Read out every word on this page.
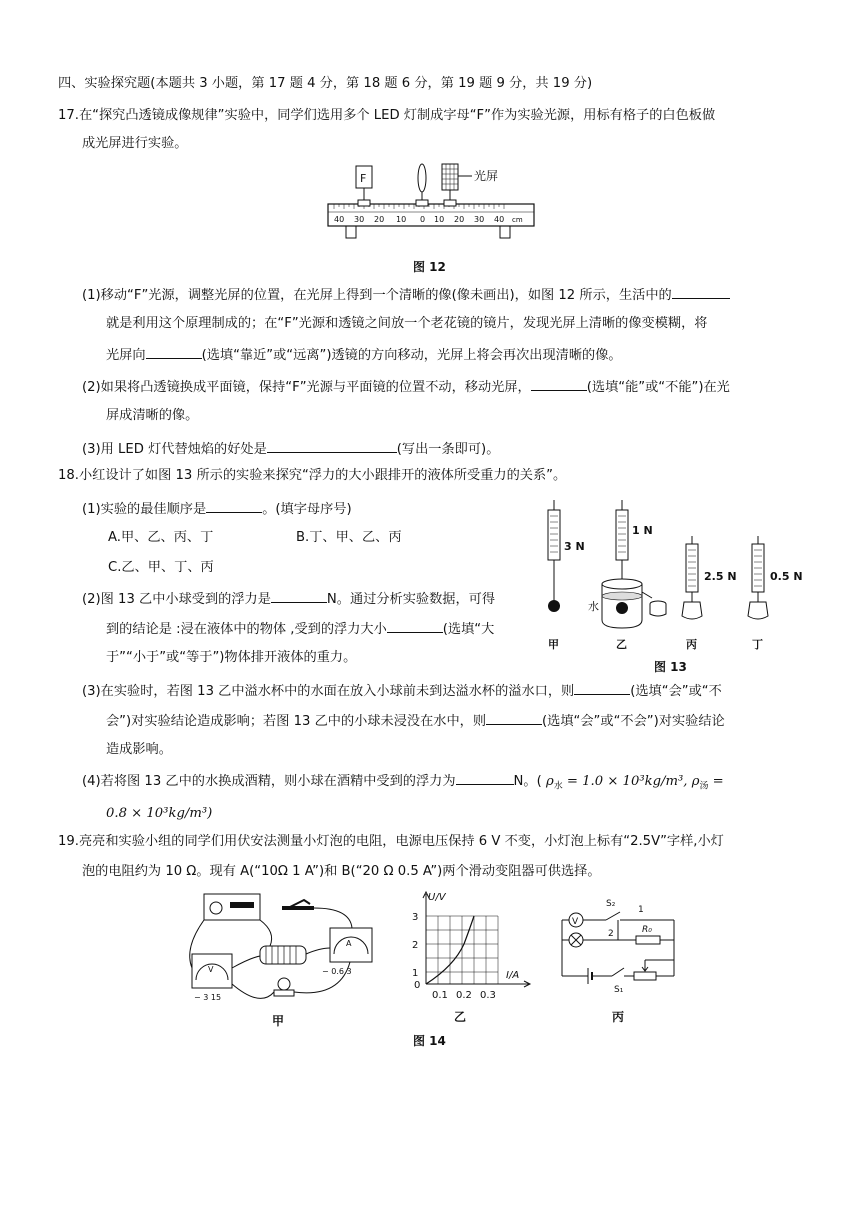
四、实验探究题(本题共 3 小题，第 17 题 4 分，第 18 题 6 分，第 19 题 9 分，共 19 分)
17.在“探究凸透镜成像规律”实验中，同学们选用多个 LED 灯制成字母“F”作为实验光源，用标有格子的白色板做
成光屏进行实验。
40 30 20 10 0 10 20 30 40 cm
F	光屏
图 12
(1)移动“F”光源，调整光屏的位置，在光屏上得到一个清晰的像(像未画出)，如图 12 所示，生活中的
就是利用这个原理制成的；在“F”光源和透镜之间放一个老花镜的镜片，发现光屏上清晰的像变模糊，将
光屏向	(选填“靠近”或“远离”)透镜的方向移动，光屏上将会再次出现清晰的像。
(2)如果将凸透镜换成平面镜，保持“F”光源与平面镜的位置不动，移动光屏，	(选填“能”或“不能”)在光
屏成清晰的像。
(3)用 LED 灯代替烛焰的好处是	(写出一条即可)。
18.小红设计了如图 13 所示的实验来探究“浮力的大小跟排开的液体所受重力的关系”。
(1)实验的最佳顺序是	。(填字母序号)
A.甲、乙、丙、丁	B.丁、甲、乙、丙
C.乙、甲、丁、丙
(2)图 13 乙中小球受到的浮力是	N。通过分析实验数据，可得
到的结论是 :浸在液体中的物体 ,受到的浮力大小	(选填“大
于”“小于”或“等于”)物体排开液体的重力。
3 N
甲
水
1 N
乙
2.5 N
丙
0.5 N
丁
图 13
(3)在实验时，若图 13 乙中溢水杯中的水面在放入小球前未到达溢水杯的溢水口，则	(选填“会”或“不
会”)对实验结论造成影响；若图 13 乙中的小球未浸没在水中，则	(选填“会”或“不会”)对实验结论
造成影响。
(4)若将图 13 乙中的水换成酒精，则小球在酒精中受到的浮力为	N。( $\rho_水 = 1.0 \times 10^3kg/m^3$, $\rho_汤$ =
0.8 × 10³kg/m³)
19.亮亮和实验小组的同学们用伏安法测量小灯泡的电阻，电源电压保持 6 V 不变，小灯泡上标有“2.5V”字样,小灯
泡的电阻约为 10 Ω。现有 A(“10Ω 1 A”)和 B(“20 Ω 0.5 A”)两个滑动变阻器可供选择。
A
− 0.6 3
V
− 3 15
甲
U/V
I/A
3
2
1
0
0.1 0.2 0.3
乙
S₁
V
S₂
1
2	R₀
丙
图 14
